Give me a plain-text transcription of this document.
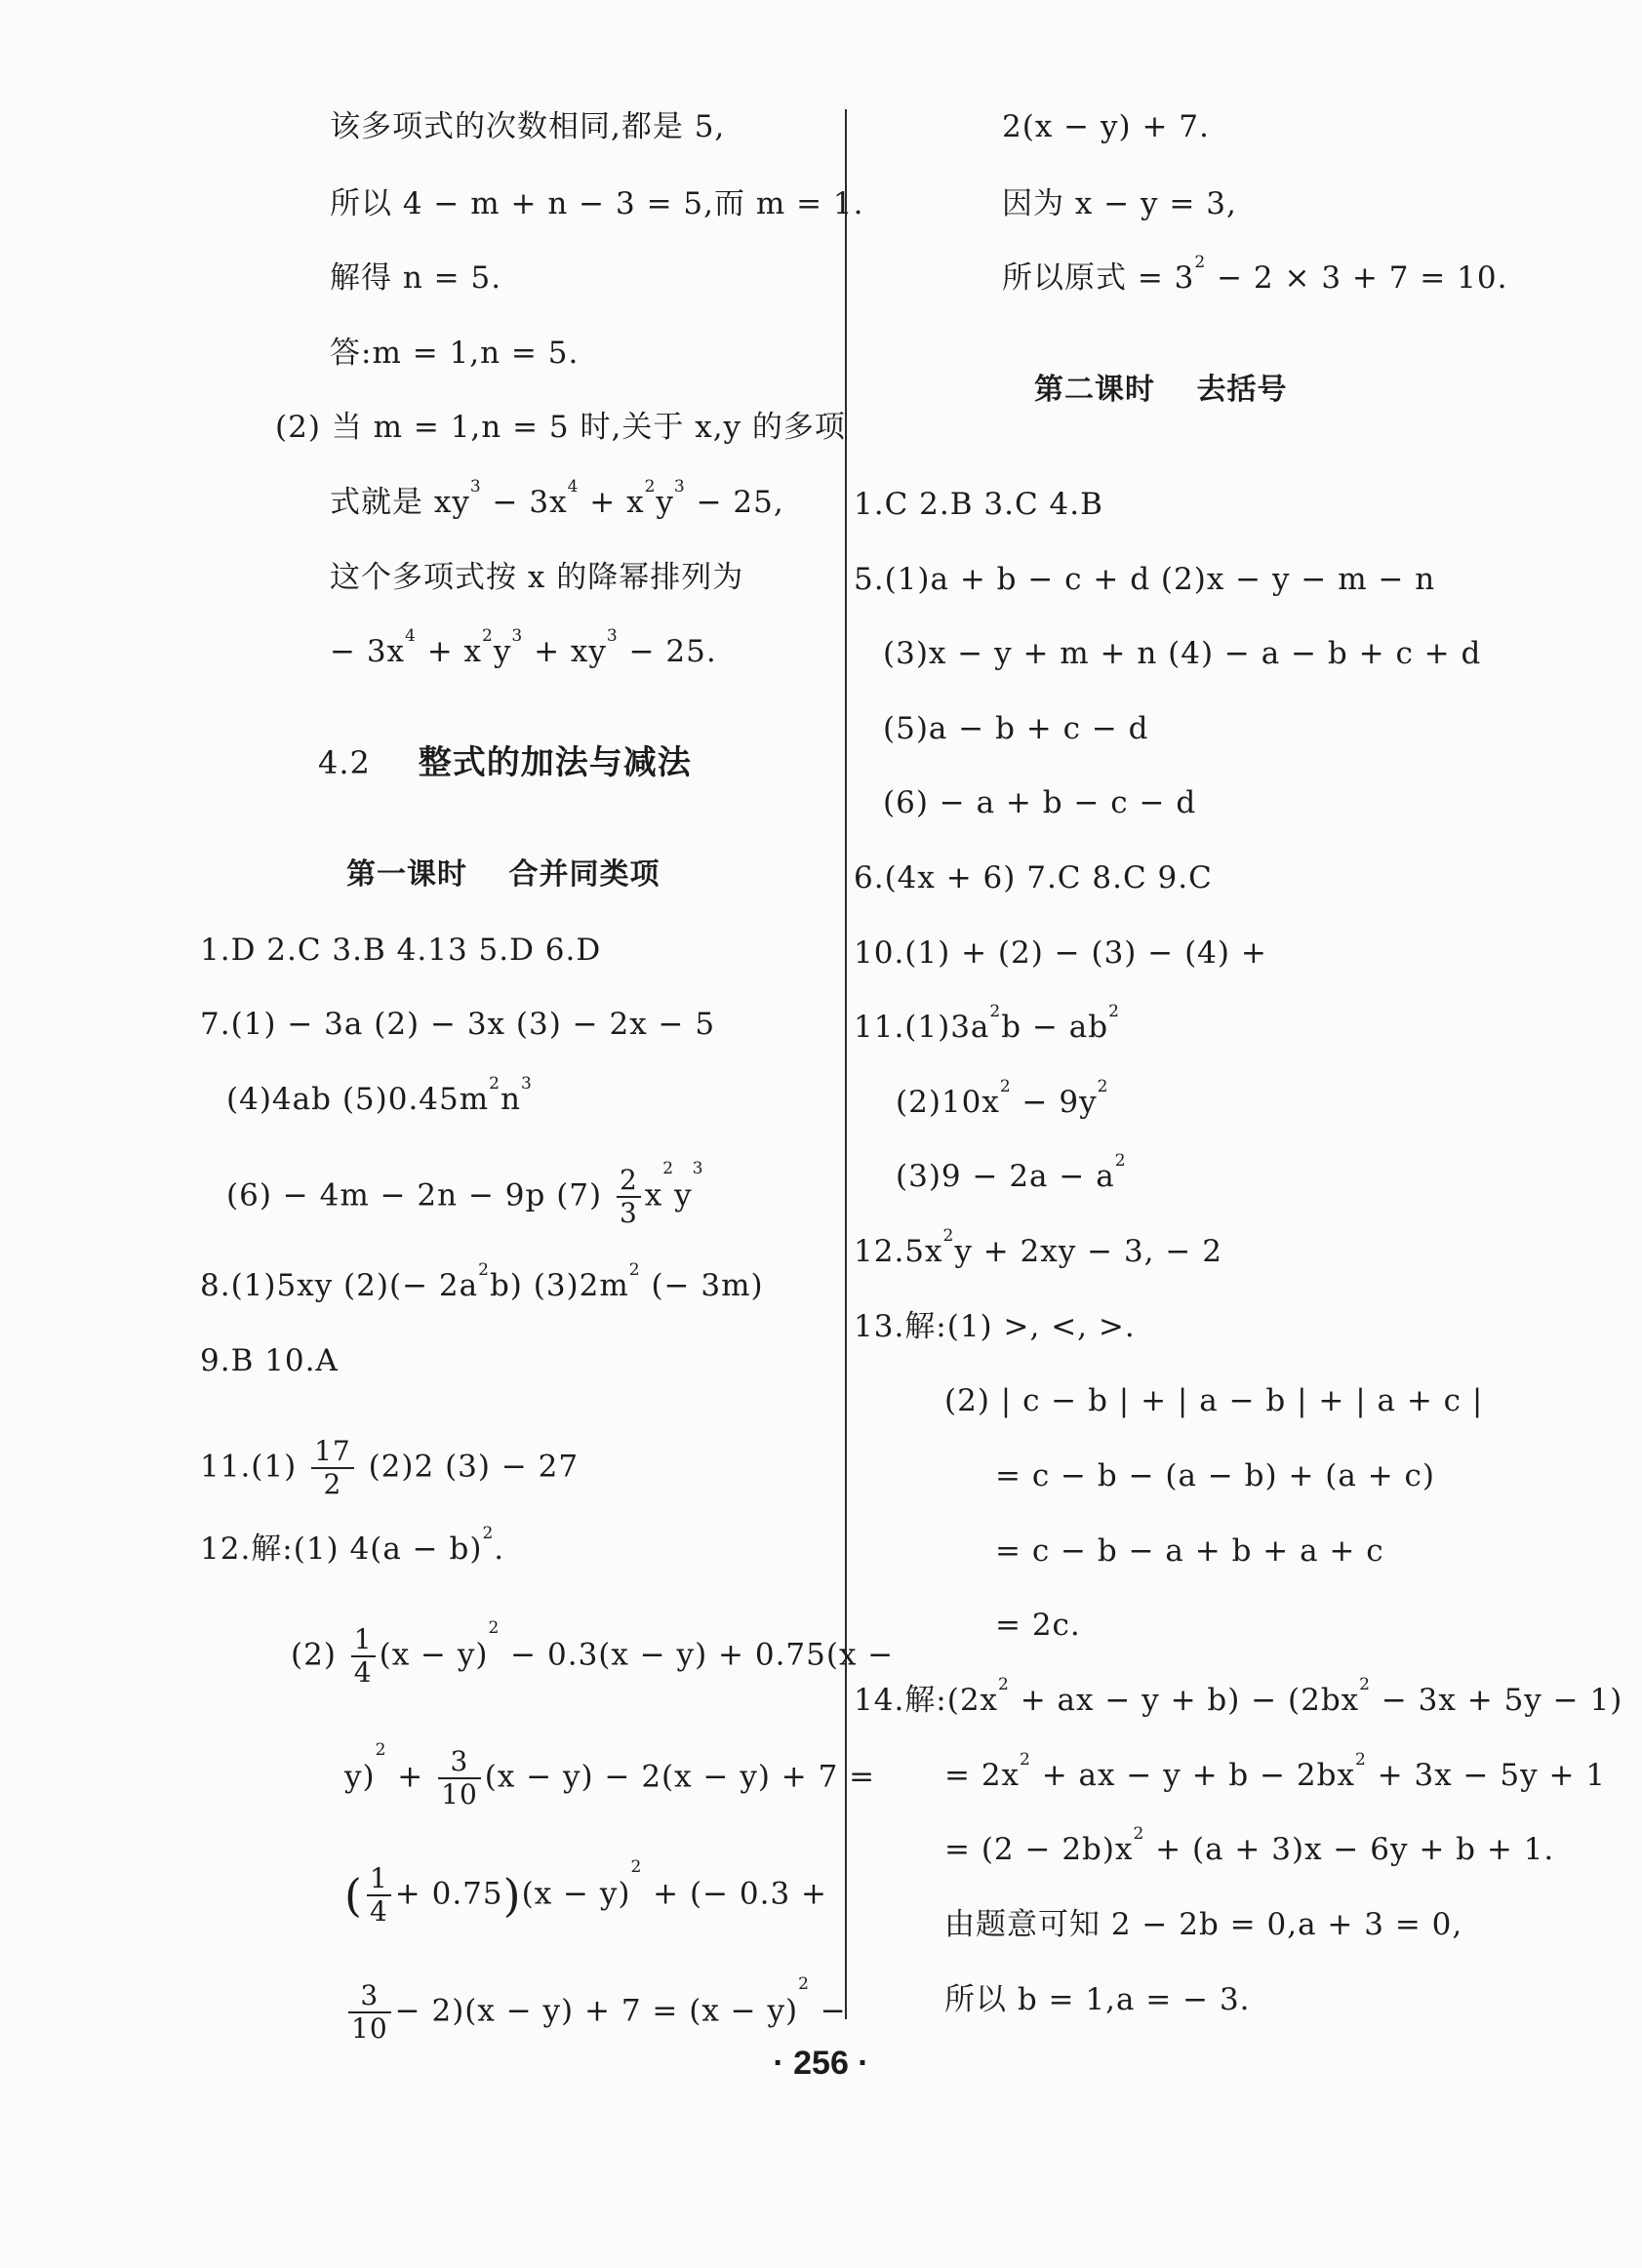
该多项式的次数相同,都是 5,
所以 4 − m + n − 3 = 5,而 m = 1.
解得 n = 5.
答:m = 1,n = 5.
(2) 当 m = 1,n = 5 时,关于 x,y 的多项
式就是 $xy^3 - 3x^4 + x^2y^3 - 25$,
这个多项式按 x 的降幂排列为
− $3x^4 + x^2y^3 + xy^3 - 25$.
4.2 整式的加法与减法
第一课时　 合并同类项
1.D 2.C 3.B 4.13 5.D 6.D
7.(1) − 3a (2) − 3x (3) − 2x − 5
(4)4ab $(5)0.45m^2n^3$
(6) − 4m − 2n − 9p $(7) \frac{2}{3} x^2y^3$
8.(1)5xy $(2)(- 2a^2b)$ $(3)2m^2$ (− 3m)
9.B 10.A
$11.(1) \frac{17}{2} (2)2$ (3) − 27
12.解:(1) $4(a - b)^2$.
$(2) \frac{1}{4} (x - y)^2 - 0.3(x - y) + 0.75(x$ −
$y)^2 + \frac{3}{10} (x - y) - 2(x - y) + 7$ =
( $\frac{1}{4} + 0.75)(x - y)^2$ + (− 0.3 +
$\frac{3}{10} - 2)(x - y) + 7 = (x - y)^2$ −
2(x − y) + 7.
因为 x − y = 3,
所以原式 = $3^2 - 2 \times 3 + 7 = 10$.
第二课时　 去括号
1.C 2.B 3.C 4.B
5.(1)a + b − c + d (2)x − y − m − n
(3)x − y + m + n (4) − a − b + c + d
(5)a − b + c − d
(6) − a + b − c − d
6.(4x + 6) 7.C 8.C 9.C
10.(1) + (2) − (3) − (4) +
$11.(1)3a^2b - ab^2$
$(2)10x^2 - 9y^2$
$(3)9 - 2a - a^2$
$12.5x^2y + 2xy - 3$, − 2
13.解:(1) >, <, >.
(2) | c − b | + | a − b | + | a + c |
= c − b − (a − b) + (a + c)
= c − b − a + b + a + c
= 2c.
14.解$:(2x^2$ + ax − $y + b) - (2bx^2 - 3x + 5y - 1)$
= $2x^2$ + ax − $y + b - 2bx^2 + 3x - 5y + 1$
= $(2 - 2b)x^2 + (a + 3)x - 6y + b + 1$.
由题意可知 2 − 2b = 0,a + 3 = 0,
所以 b = 1,a = − 3.
· 256 ·
